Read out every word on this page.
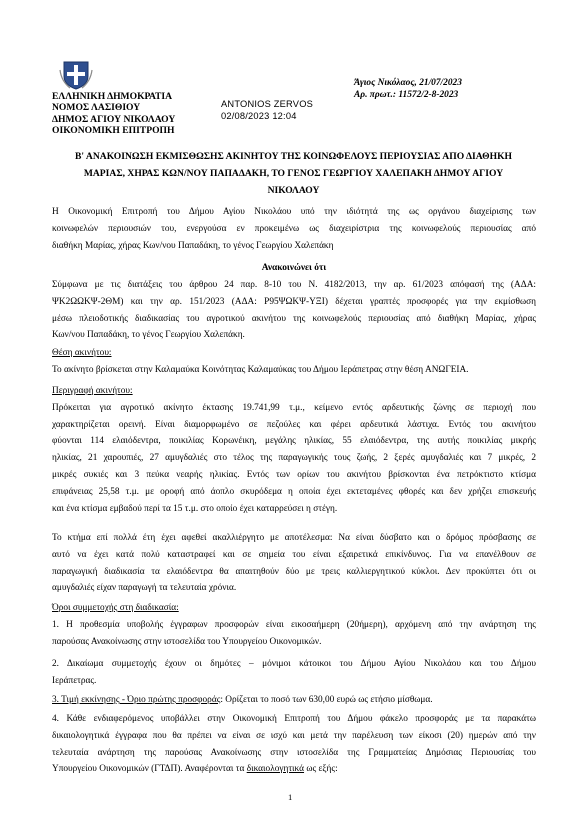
ΕΛΛΗΝΙΚΗ ΔΗΜΟΚΡΑΤΙΑ
ΝΟΜΟΣ ΛΑΣΙΘΙΟΥ
ΔΗΜΟΣ ΑΓΙΟΥ ΝΙΚΟΛΑΟΥ
ΟΙΚΟΝΟΜΙΚΗ ΕΠΙΤΡΟΠΗ
ANTONIOS ZERVOS
02/08/2023 12:04
Άγιος Νικόλαος, 21/07/2023
Αρ. πρωτ.: 11572/2-8-2023
Β' ΑΝΑΚΟΙΝΩΣΗ ΕΚΜΙΣΘΩΣΗΣ ΑΚΙΝΗΤΟΥ ΤΗΣ ΚΟΙΝΩΦΕΛΟΥΣ ΠΕΡΙΟΥΣΙΑΣ ΑΠΟ ΔΙΑΘΗΚΗ
ΜΑΡΙΑΣ, ΧΗΡΑΣ ΚΩΝ/ΝΟΥ ΠΑΠΑΔΑΚΗ, ΤΟ ΓΕΝΟΣ ΓΕΩΡΓΙΟΥ ΧΑΛΕΠΑΚΗ ΔΗΜΟΥ ΑΓΙΟΥ
ΝΙΚΟΛΑΟΥ
Η Οικονομική Επιτροπή του Δήμου Αγίου Νικολάου υπό την ιδιότητά της ως οργάνου διαχείρισης των
κοινωφελών περιουσιών του, ενεργούσα εν προκειμένω ως διαχειρίστρια της κοινωφελούς περιουσίας από
διαθήκη Μαρίας, χήρας Κων/νου Παπαδάκη, το γένος Γεωργίου Χαλεπάκη
Ανακοινώνει ότι
Σύμφωνα με τις διατάξεις του άρθρου 24 παρ. 8-10 του Ν. 4182/2013, την αρ. 61/2023 απόφασή της (ΑΔΑ:
ΨΚ2ΩΩΚΨ-2ΘΜ) και την αρ. 151/2023 (ΑΔΑ: Ρ95ΨΩΚΨ-ΥΞΙ) δέχεται γραπτές προσφορές για την εκμίσθωση
μέσω πλειοδοτικής διαδικασίας του αγροτικού ακινήτου της κοινωφελούς περιουσίας από διαθήκη Μαρίας, χήρας
Κων/νου Παπαδάκη, το γένος Γεωργίου Χαλεπάκη.
Θέση ακινήτου:
Το ακίνητο βρίσκεται στην Καλαμαύκα Κοινότητας Καλαμαύκας του Δήμου Ιεράπετρας στην θέση ΑΝΩΓΕΙΑ.
Περιγραφή ακινήτου:
Πρόκειται για αγροτικό ακίνητο έκτασης 19.741,99 τ.μ., κείμενο εντός αρδευτικής ζώνης σε περιοχή που
χαρακτηρίζεται ορεινή. Είναι διαμορφωμένο σε πεζούλες και φέρει αρδευτικά λάστιχα. Εντός του ακινήτου
φύονται 114 ελαιόδεντρα, ποικιλίας Κορωνέικη, μεγάλης ηλικίας, 55 ελαιόδεντρα, της αυτής ποικιλίας μικρής
ηλικίας, 21 χαρουπιές, 27 αμυγδαλιές στο τέλος της παραγωγικής τους ζωής, 2 ξερές αμυγδαλιές και 7 μικρές, 2
μικρές συκιές και 3 πεύκα νεαρής ηλικίας. Εντός των ορίων του ακινήτου βρίσκονται ένα πετρόκτιστο κτίσμα
επιφάνειας 25,58 τ.μ. με οροφή από άοπλο σκυρόδεμα η οποία έχει εκτεταμένες φθορές και δεν χρήζει επισκευής
και ένα κτίσμα εμβαδού περί τα 15 τ.μ. στο οποίο έχει καταρρεύσει η στέγη.
Το κτήμα επί πολλά έτη έχει αφεθεί ακαλλιέργητο με αποτέλεσμα: Να είναι δύσβατο και ο δρόμος πρόσβασης σε
αυτό να έχει κατά πολύ καταστραφεί και σε σημεία του είναι εξαιρετικά επικίνδυνος. Για να επανέλθουν σε
παραγωγική διαδικασία τα ελαιόδεντρα θα απαιτηθούν δύο με τρεις καλλιεργητικού κύκλοι. Δεν προκύπτει ότι οι
αμυγδαλιές είχαν παραγωγή τα τελευταία χρόνια.
Όροι συμμετοχής στη διαδικασία:
1. Η προθεσμία υποβολής έγγραφων προσφορών είναι εικοσαήμερη (20ήμερη), αρχόμενη από την ανάρτηση της
παρούσας Ανακοίνωσης στην ιστοσελίδα του Υπουργείου Οικονομικών.
2. Δικαίωμα συμμετοχής έχουν οι δημότες – μόνιμοι κάτοικοι του Δήμου Αγίου Νικολάου και του Δήμου
Ιεράπετρας.
3. Τιμή εκκίνησης - Όριο πρώτης προσφοράς: Ορίζεται το ποσό των 630,00 ευρώ ως ετήσιο μίσθωμα.
4. Κάθε ενδιαφερόμενος υποβάλλει στην Οικονομική Επιτροπή του Δήμου φάκελο προσφοράς με τα παρακάτω
δικαιολογητικά έγγραφα που θα πρέπει να είναι σε ισχύ και μετά την παρέλευση των είκοσι (20) ημερών από την
τελευταία ανάρτηση της παρούσας Ανακοίνωσης στην ιστοσελίδα της Γραμματείας Δημόσιας Περιουσίας του
Υπουργείου Οικονομικών (ΓΤΔΠ). Αναφέρονται τα δικαιολογητικά ως εξής:
1
